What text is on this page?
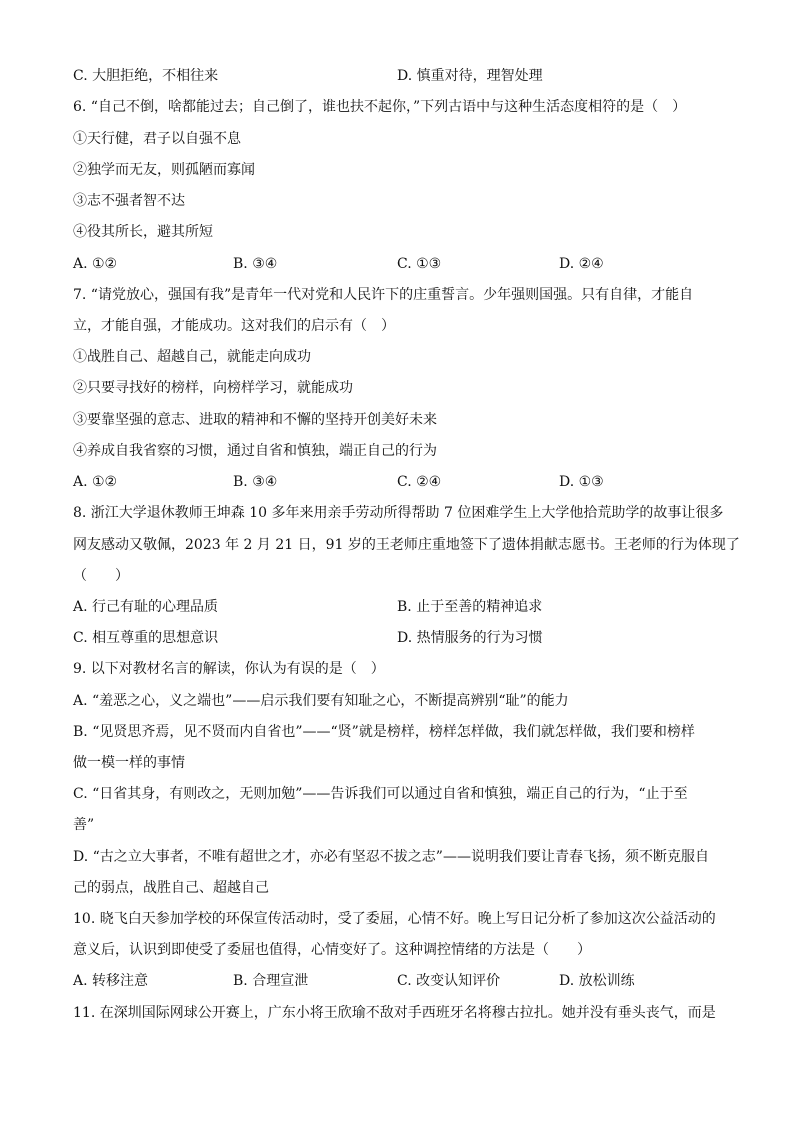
C. 大胆拒绝，不相往来	D. 慎重对待，理智处理
6. “自己不倒，啥都能过去；自己倒了，谁也扶不起你，”下列古语中与这种生活态度相符的是（　）
①天行健，君子以自强不息
②独学而无友，则孤陋而寡闻
③志不强者智不达
④役其所长，避其所短
A. ①②	B. ③④	C. ①③	D. ②④
7. “请党放心，强国有我”是青年一代对党和人民许下的庄重誓言。少年强则国强。只有自律，才能自
立，才能自强，才能成功。这对我们的启示有（　）
①战胜自己、超越自己，就能走向成功
②只要寻找好的榜样，向榜样学习，就能成功
③要靠坚强的意志、进取的精神和不懈的坚持开创美好未来
④养成自我省察的习惯，通过自省和慎独，端正自己的行为
A. ①②	B. ③④	C. ②④	D. ①③
8. 浙江大学退休教师王坤森 10 多年来用亲手劳动所得帮助 7 位困难学生上大学他拾荒助学的故事让很多
网友感动又敬佩，2023 年 2 月 21 日，91 岁的王老师庄重地签下了遗体捐献志愿书。王老师的行为体现了
（　　）
A. 行己有耻的心理品质	B. 止于至善的精神追求
C. 相互尊重的思想意识	D. 热情服务的行为习惯
9. 以下对教材名言的解读，你认为有误的是（　）
A. “羞恶之心，义之端也”——启示我们要有知耻之心，不断提高辨别“耻”的能力
B. “见贤思齐焉，见不贤而内自省也”——“贤”就是榜样，榜样怎样做，我们就怎样做，我们要和榜样
做一模一样的事情
C. “日省其身，有则改之，无则加勉”——告诉我们可以通过自省和慎独，端正自己的行为，“止于至
善”
D. “古之立大事者，不唯有超世之才，亦必有坚忍不拔之志”——说明我们要让青春飞扬，须不断克服自
己的弱点，战胜自己、超越自己
10. 晓飞白天参加学校的环保宣传活动时，受了委屈，心情不好。晚上写日记分析了参加这次公益活动的
意义后，认识到即使受了委屈也值得，心情变好了。这种调控情绪的方法是（　　）
A. 转移注意	B. 合理宣泄	C. 改变认知评价	D. 放松训练
11. 在深圳国际网球公开赛上，广东小将王欣瑜不敌对手西班牙名将穆古拉扎。她并没有垂头丧气，而是
